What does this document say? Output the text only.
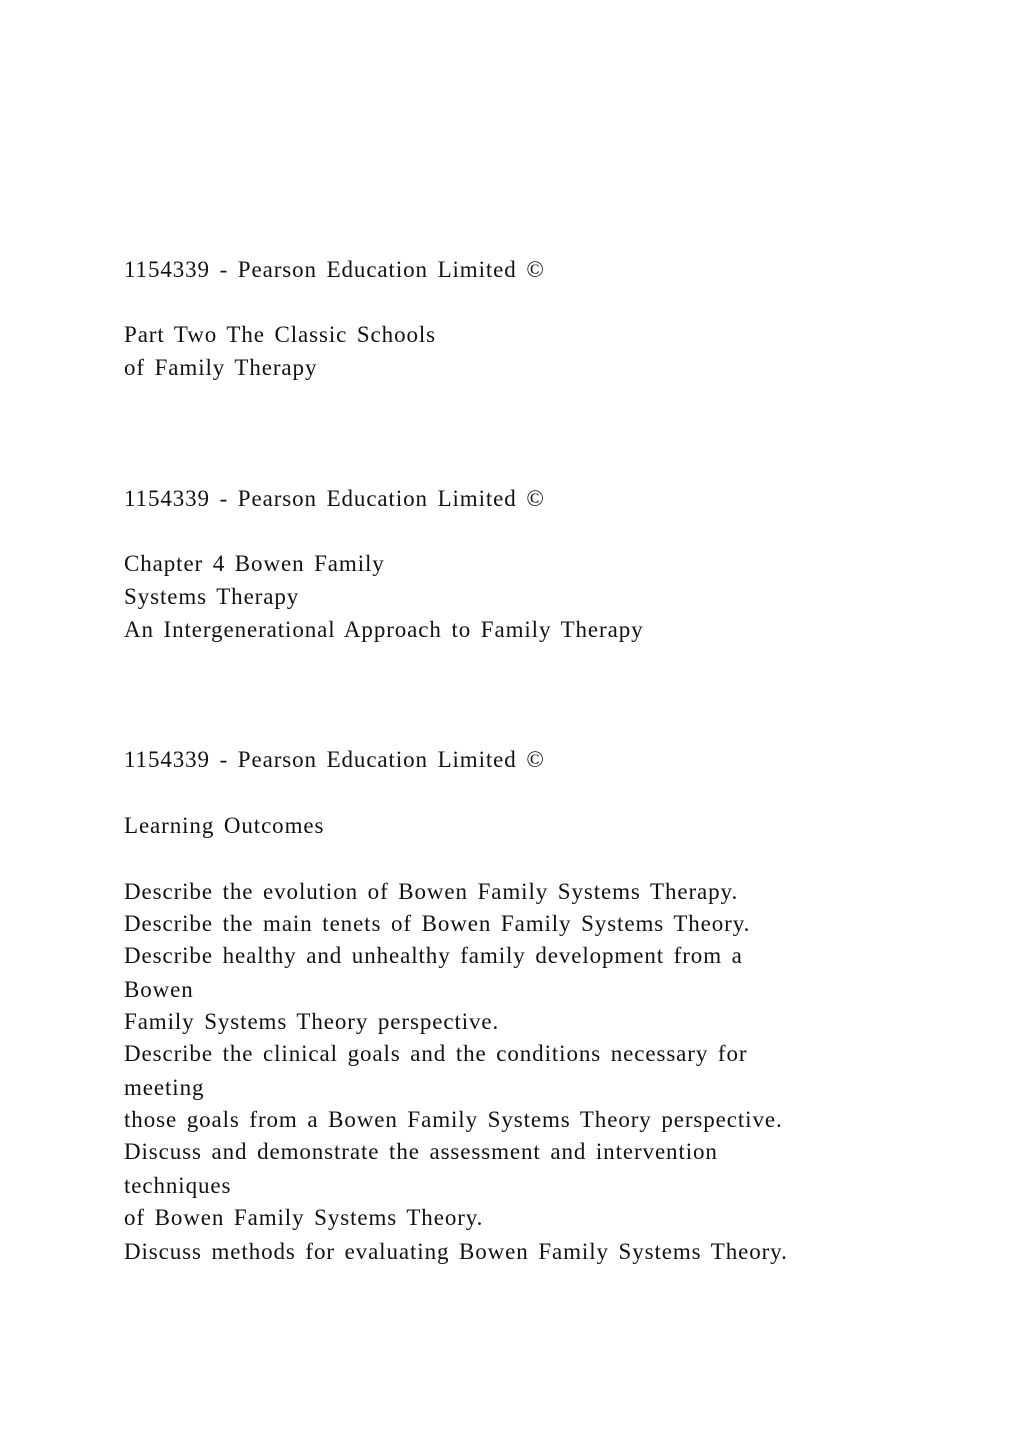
1154339 - Pearson Education Limited ©

Part Two The Classic Schools

of Family Therapy

1154339 - Pearson Education Limited ©

Chapter 4 Bowen Family

Systems Therapy

An Intergenerational Approach to Family Therapy

1154339 - Pearson Education Limited ©

Learning Outcomes

Describe the evolution of Bowen Family Systems Therapy.

Describe the main tenets of Bowen Family Systems Theory.

Describe healthy and unhealthy family development from a

Bowen

Family Systems Theory perspective.

Describe the clinical goals and the conditions necessary for

meeting

those goals from a Bowen Family Systems Theory perspective.

Discuss and demonstrate the assessment and intervention

techniques

of Bowen Family Systems Theory.

Discuss methods for evaluating Bowen Family Systems Theory.
